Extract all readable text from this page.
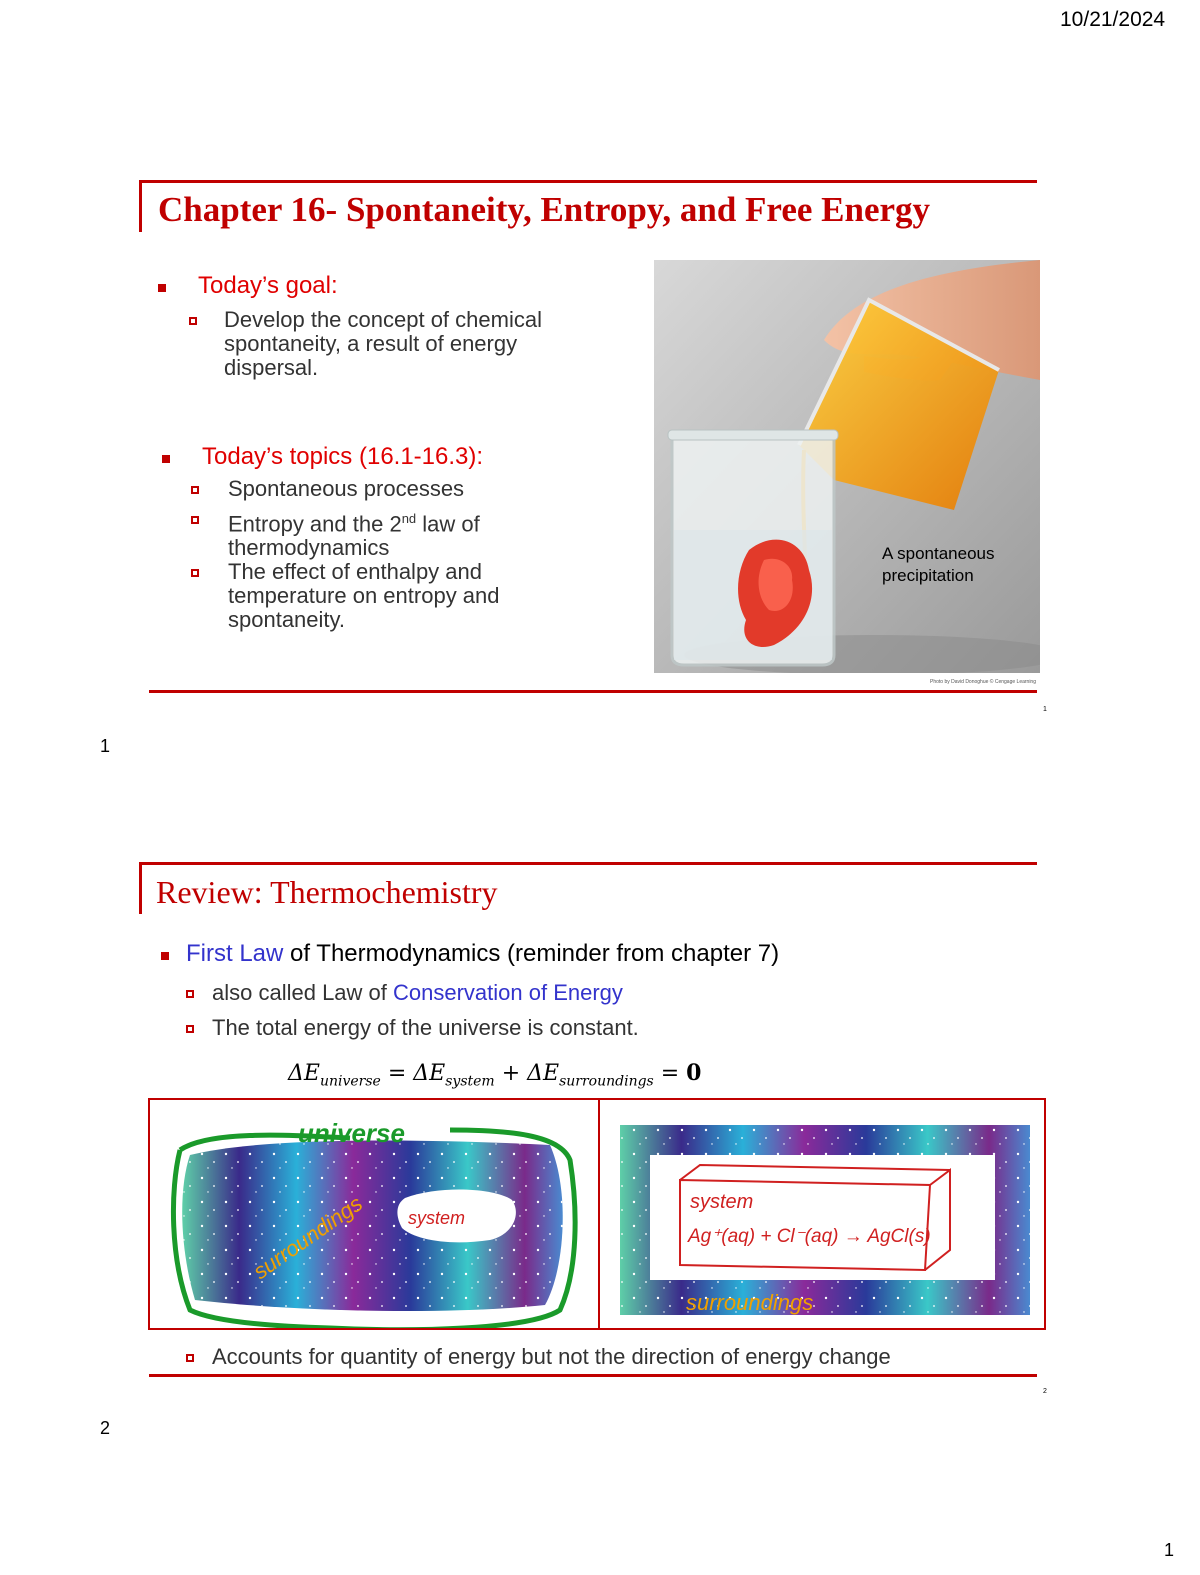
10/21/2024
Chapter 16- Spontaneity, Entropy, and Free Energy
Today’s goal:
Develop the concept of chemical spontaneity, a result of energy dispersal.
Today’s topics (16.1-16.3):
Spontaneous processes
Entropy and the 2nd law of thermodynamics
The effect of enthalpy and temperature on entropy and spontaneity.
A spontaneous precipitation
Photo by David Donoghue © Cengage Learning
1
1
Review: Thermochemistry
First Law of Thermodynamics (reminder from chapter 7)
also called Law of Conservation of Energy
The total energy of the universe is constant.
$\Delta E_{universe} = \Delta E_{system} + \Delta E_{surroundings} = 0$
universe
surroundings system
system
Ag⁺(aq) + Cl⁻(aq) → AgCl(s)
surroundings
Accounts for quantity of energy but not the direction of energy change
2
2
1
